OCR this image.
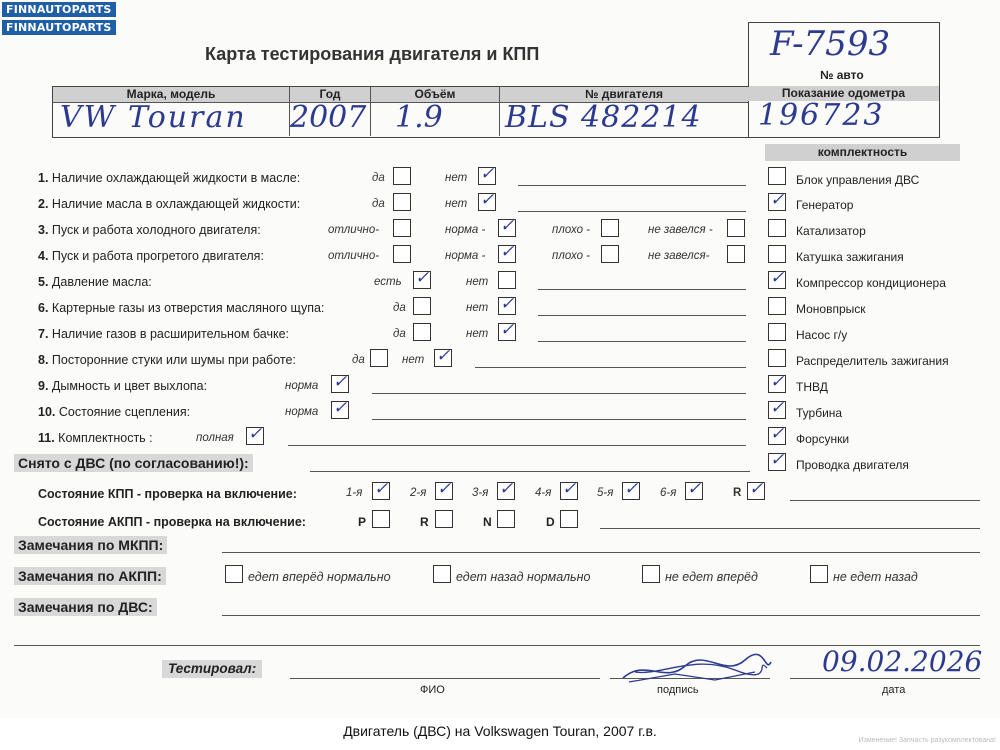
FINNAUTOPARTS
FINNAUTOPARTS
Карта тестирования двигателя и КПП	F-7593
№ авто
Показание одометра
196723
Марка, модель	Год	Объём	№ двигателя
VW Touran 2007 1.9 BLS 482214
комплектность
1. Наличие охлаждающей жидкости в масле:	да	нет ✓
2. Наличие масла в охлаждающей жидкости:	да	нет ✓
3. Пуск и работа холодного двигателя:	отлично-	норма - ✓	плохо -	не завелся -
4. Пуск и работа прогретого двигателя:	отлично-	норма - ✓	плохо -	не завелся-
5. Давление масла:	есть ✓	нет
6. Картерные газы из отверстия масляного щупа:	да	нет ✓
7. Наличие газов в расширительном бачке:	да	нет ✓
8. Посторонние стуки или шумы при работе:	да	нет ✓
9. Дымность и цвет выхлопа:	норма ✓
10. Состояние сцепления:	норма ✓
11. Комплектность :	полная ✓
Блок управления ДВС
✓ Генератор
Катализатор
Катушка зажигания
✓ Компрессор кондиционера
Моновпрыск
Насос г/у
Распределитель зажигания
✓ ТНВД
✓ Турбина
✓ Форсунки
✓ Проводка двигателя
Снято с ДВС (по согласованию!):
Состояние КПП - проверка на включение:	1-я ✓ 2-я ✓ 3-я ✓ 4-я ✓ 5-я ✓ 6-я ✓	R ✓
Состояние АКПП - проверка на включение:	P	R	N	D
Замечания по МКПП:
Замечания по АКПП:	едет вперёд нормально	едет назад нормально	не едет вперёд	не едет назад
Замечания по ДВС:
Тестировал:
ФИО	подпись	дата
09.02.2026
Двигатель (ДВС) на Volkswagen Touran, 2007 г.в.
Изменение! Запчасть разукомплектована!
